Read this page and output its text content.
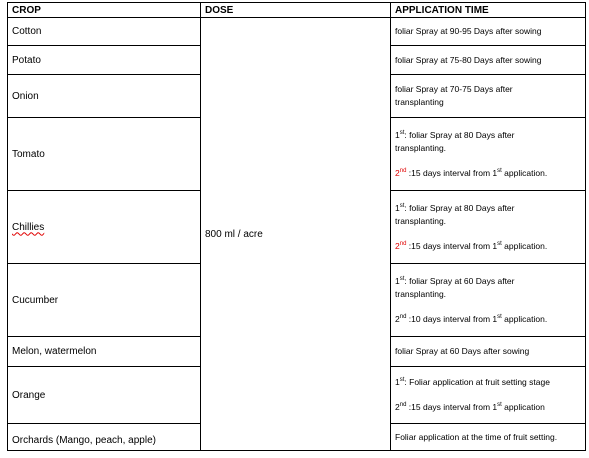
CROP	DOSE	APPLICATION TIME
Cotton	800 ml / acre	foliar Spray at 90-95 Days after sowing

Potato		foliar Spray at 75-80 Days after sowing

Onion		foliar Spray at 70-75 Days after
transplanting

Tomato		1st: foliar Spray at 80 Days after
transplanting.
2nd :15 days interval from 1st application.

Chillies		1st: foliar Spray at 80 Days after
transplanting.
2nd :15 days interval from 1st application.

Cucumber		1st: foliar Spray at 60 Days after
transplanting.
2nd :10 days interval from 1st application.

Melon, watermelon		foliar Spray at 60 Days after sowing

Orange		1st: Foliar application at fruit setting stage
2nd :15 days interval from 1st application

Orchards (Mango, peach, apple)		Foliar application at the time of fruit setting.
